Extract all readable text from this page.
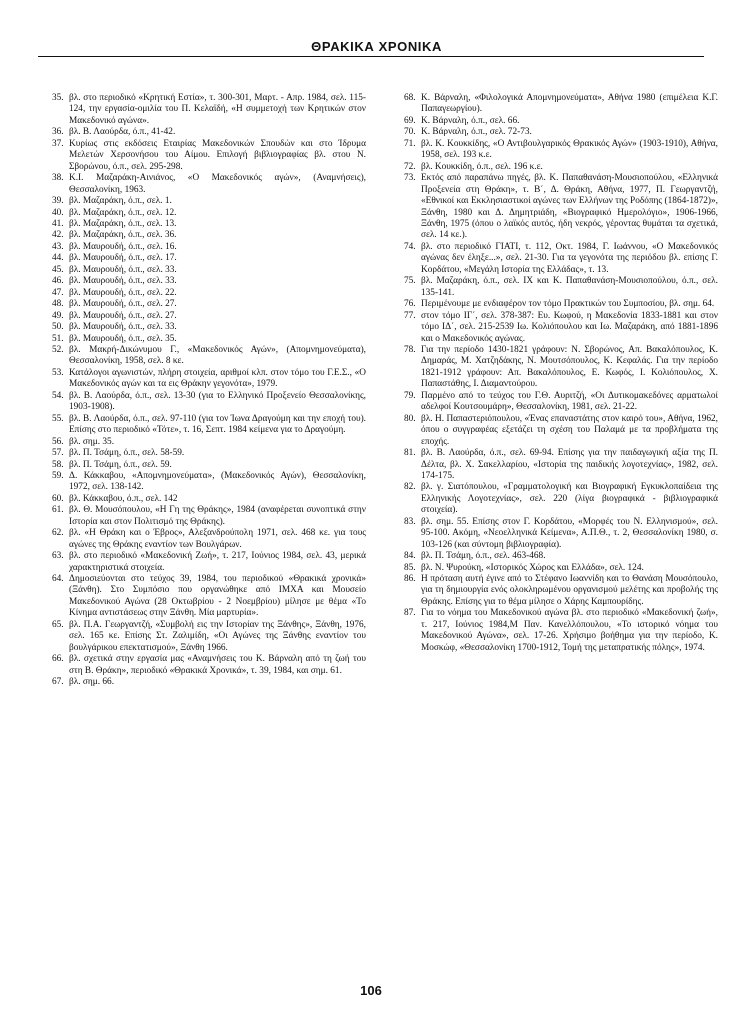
ΘΡΑΚΙΚΑ ΧΡΟΝΙΚΑ
35. βλ. στο περιοδικό «Κρητική Εστία», τ. 300-301, Μαρτ. - Απρ. 1984, σελ. 115-124, την εργασία-ομιλία του Π. Κελαϊδή, «Η συμμετοχή των Κρητικών στον Μακεδονικό αγώνα».
36. βλ. Β. Λαούρδα, ό.π., 41-42.
37. Κυρίως στις εκδόσεις Εταιρίας Μακεδονικών Σπουδών και στο Ίδρυμα Μελετών Χερσονήσου του Αίμου. Επιλογή βιβλιογραφίας βλ. στου Ν. Σβορώνου, ό.π., σελ. 295-298.
38. Κ.Ι. Μαζαράκη-Αινιάνος, «Ο Μακεδονικός αγών», (Αναμνήσεις), Θεσσαλονίκη, 1963.
39. βλ. Μαζαράκη, ό.π., σελ. 1.
40. βλ. Μαζαράκη, ό.π., σελ. 12.
41. βλ. Μαζαράκη, ό.π., σελ. 13.
42. βλ. Μαζαράκη, ό.π., σελ. 36.
43. βλ. Μαυρουδή, ό.π., σελ. 16.
44. βλ. Μαυρουδή, ό.π., σελ. 17.
45. βλ. Μαυρουδή, ό.π., σελ. 33.
46. βλ. Μαυρουδή, ό.π., σελ. 33.
47. βλ. Μαυρουδή, ό.π., σελ. 22.
48. βλ. Μαυρουδή, ό.π., σελ. 27.
49. βλ. Μαυρουδή, ό.π., σελ. 27.
50. βλ. Μαυρουδή, ό.π., σελ. 33.
51. βλ. Μαυρουδή, ό.π., σελ. 35.
52. βλ. Μακρή-Δικώνυμου Γ., «Μακεδονικός Αγών», (Απομνημονεύματα), Θεσσαλονίκη, 1958, σελ. 8 κε.
53. Κατάλογοι αγωνιστών, πλήρη στοιχεία, αριθμοί κλπ. στον τόμο του Γ.Ε.Σ., «Ο Μακεδονικός αγών και τα εις Θράκην γεγονότα», 1979.
54. βλ. Β. Λαούρδα, ό.π., σελ. 13-30 (για το Ελληνικό Προξενείο Θεσσαλονίκης, 1903-1908).
55. βλ. Β. Λαούρδα, ό.π., σελ. 97-110 (για τον Ίωνα Δραγούμη και την εποχή του). Επίσης στο περιοδικό «Τότε», τ. 16, Σεπτ. 1984 κείμενα για το Δραγούμη.
56. βλ. σημ. 35.
57. βλ. Π. Τσάμη, ό.π., σελ. 58-59.
58. βλ. Π. Τσάμη, ό.π., σελ. 59.
59. Δ. Κάκκαβου, «Απομνημονεύματα», (Μακεδονικός Αγών), Θεσσαλονίκη, 1972, σελ. 138-142.
60. βλ. Κάκκαβου, ό.π., σελ. 142
61. βλ. Θ. Μουσόπουλου, «Η Γη της Θράκης», 1984 (αναφέρεται συνοπτικά στην Ιστορία και στον Πολιτισμό της Θράκης).
62. βλ. «Η Θράκη και ο Έβρος», Αλεξανδρούπολη 1971, σελ. 468 κε. για τους αγώνες της Θράκης εναντίον των Βουλγάρων.
63. βλ. στο περιοδικό «Μακεδονική Ζωή», τ. 217, Ιούνιος 1984, σελ. 43, μερικά χαρακτηριστικά στοιχεία.
64. Δημοσιεύονται στο τεύχος 39, 1984, του περιοδικού «Θρακικά χρονικά» (Ξάνθη). Στο Συμπόσιο που οργανώθηκε από ΙΜΧΑ και Μουσείο Μακεδονικού Αγώνα (28 Οκτωβρίου - 2 Νοεμβρίου) μίλησε με θέμα «Το Κίνημα αντιστάσεως στην Ξάνθη. Μία μαρτυρία».
65. βλ. Π.Α. Γεωργαντζή, «Συμβολή εις την Ιστορίαν της Ξάνθης», Ξάνθη, 1976, σελ. 165 κε. Επίσης Στ. Ζαλιμίδη, «Οι Αγώνες της Ξάνθης εναντίον του βουλγάρικου επεκτατισμού», Ξάνθη 1966.
66. βλ. σχετικά στην εργασία μας «Αναμνήσεις του Κ. Βάρναλη από τη ζωή του στη Β. Θράκη», περιοδικό «Θρακικά Χρονικά», τ. 39, 1984, και σημ. 61.
67. βλ. σημ. 66.
68. Κ. Βάρναλη, «Φιλολογικά Απομνημονεύματα», Αθήνα 1980 (επιμέλεια Κ.Γ. Παπαγεωργίου).
69. Κ. Βάρναλη, ό.π., σελ. 66.
70. Κ. Βάρναλη, ό.π., σελ. 72-73.
71. βλ. Κ. Κουκκίδης, «Ο Αντιβουλγαρικός Θρακικός Αγών» (1903-1910), Αθήνα, 1958, σελ. 193 κ.ε.
72. βλ. Κουκκίδη, ό.π., σελ. 196 κ.ε.
73. Εκτός από παραπάνω πηγές, βλ. Κ. Παπαθανάση-Μουσιοπούλου, «Ελληνικά Προξενεία στη Θράκη», τ. Β΄, Δ. Θράκη, Αθήνα, 1977, Π. Γεωργαντζή, «Εθνικοί και Εκκλησιαστικοί αγώνες των Ελλήνων της Ροδόπης (1864-1872)», Ξάνθη, 1980 και Δ. Δημητριάδη, «Βιογραφικό Ημερολόγιο», 1906-1966, Ξάνθη, 1975 (όπου ο λαϊκός αυτός, ήδη νεκρός, γέροντας θυμάται τα σχετικά, σελ. 14 κε.).
74. βλ. στο περιοδικό ΓΙΑΤΙ, τ. 112, Οκτ. 1984, Γ. Ιωάννου, «Ο Μακεδονικός αγώνας δεν έληξε...», σελ. 21-30. Για τα γεγονότα της περιόδου βλ. επίσης Γ. Κορδάτου, «Μεγάλη Ιστορία της Ελλάδας», τ. 13.
75. βλ. Μαζαράκη, ό.π., σελ. IX και Κ. Παπαθανάση-Μουσιοπούλου, ό.π., σελ. 135-141.
76. Περιμένουμε με ενδιαφέρον τον τόμο Πρακτικών του Συμποσίου, βλ. σημ. 64.
77. στον τόμο ΙΓ΄, σελ. 378-387: Ευ. Κωφού, η Μακεδονία 1833-1881 και στον τόμο ΙΔ΄, σελ. 215-2539 Ιω. Κολιόπουλου και Ιω. Μαζαράκη, από 1881-1896 και ο Μακεδονικός αγώνας.
78. Για την περίοδο 1430-1821 γράφουν: Ν. Σβορώνος, Απ. Βακαλόπουλος, Κ. Δημαράς, Μ. Χατζηδάκης, Ν. Μουτσόπουλος, Κ. Κεφαλάς. Για την περίοδο 1821-1912 γράφουν: Απ. Βακαλόπουλος, Ε. Κωφός, Ι. Κολιόπουλος, Χ. Παπαστάθης, Ι. Διαμαντούρου.
79. Παρμένο από το τεύχος του Γ.Θ. Αυριτζή, «Οι Δυτικομακεδόνες αρματωλοί αδελφοί Κουτσουμάρη», Θεσσαλονίκη, 1981, σελ. 21-22.
80. βλ. Η. Παπαστεριόπουλου, «Ένας επαναστάτης στον καιρό του», Αθήνα, 1962, όπου ο συγγραφέας εξετάζει τη σχέση του Παλαμά με τα προβλήματα της εποχής.
81. βλ. Β. Λαούρδα, ό.π., σελ. 69-94. Επίσης για την παιδαγωγική αξία της Π. Δέλτα, βλ. Χ. Σακελλαρίου, «Ιστορία της παιδικής λογοτεχνίας», 1982, σελ. 174-175.
82. βλ. γ. Σιατόπουλου, «Γραμματολογική και Βιογραφική Εγκυκλοπαίδεια της Ελληνικής Λογοτεχνίας», σελ. 220 (λίγα βιογραφικά - βιβλιογραφικά στοιχεία).
83. βλ. σημ. 55. Επίσης στον Γ. Κορδάτου, «Μορφές του Ν. Ελληνισμού», σελ. 95-100. Ακόμη, «Νεοελληνικά Κείμενα», Α.Π.Θ., τ. 2, Θεσσαλονίκη 1980, σ. 103-126 (και σύντομη βιβλιογραφία).
84. βλ. Π. Τσάμη, ό.π., σελ. 463-468.
85. βλ. Ν. Ψυρούκη, «Ιστορικός Χώρος και Ελλάδα», σελ. 124.
86. Η πρόταση αυτή έγινε από το Στέφανο Ιωαννίδη και το Θανάση Μουσόπουλο, για τη δημιουργία ενός ολοκληρωμένου οργανισμού μελέτης και προβολής της Θράκης. Επίσης για το θέμα μίλησε ο Χάρης Καμπουρίδης.
87. Για το νόημα του Μακεδονικού αγώνα βλ. στο περιοδικό «Μακεδονική ζωή», τ. 217, Ιούνιος 1984,Μ Παν. Κανελλόπουλου, «Το ιστορικό νόημα του Μακεδονικού Αγώνα», σελ. 17-26. Χρήσιμο βοήθημα για την περίοδο, Κ. Μοσκώφ, «Θεσσαλονίκη 1700-1912, Τομή της μεταπρατικής πόλης», 1974.
106
